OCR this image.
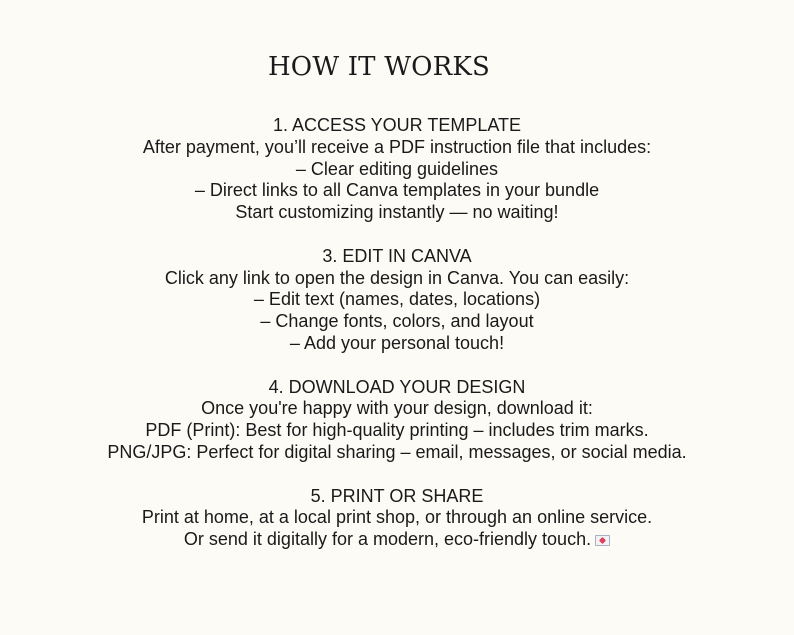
HOW IT WORKS
1. ACCESS YOUR TEMPLATE
After payment, you’ll receive a PDF instruction file that includes:
– Clear editing guidelines
– Direct links to all Canva templates in your bundle
Start customizing instantly — no waiting!
3. EDIT IN CANVA
Click any link to open the design in Canva. You can easily:
– Edit text (names, dates, locations)
– Change fonts, colors, and layout
– Add your personal touch!
4. DOWNLOAD YOUR DESIGN
Once you're happy with your design, download it:
PDF (Print): Best for high-quality printing – includes trim marks.
PNG/JPG: Perfect for digital sharing – email, messages, or social media.
5. PRINT OR SHARE
Print at home, at a local print shop, or through an online service.
Or send it digitally for a modern, eco-friendly touch.
